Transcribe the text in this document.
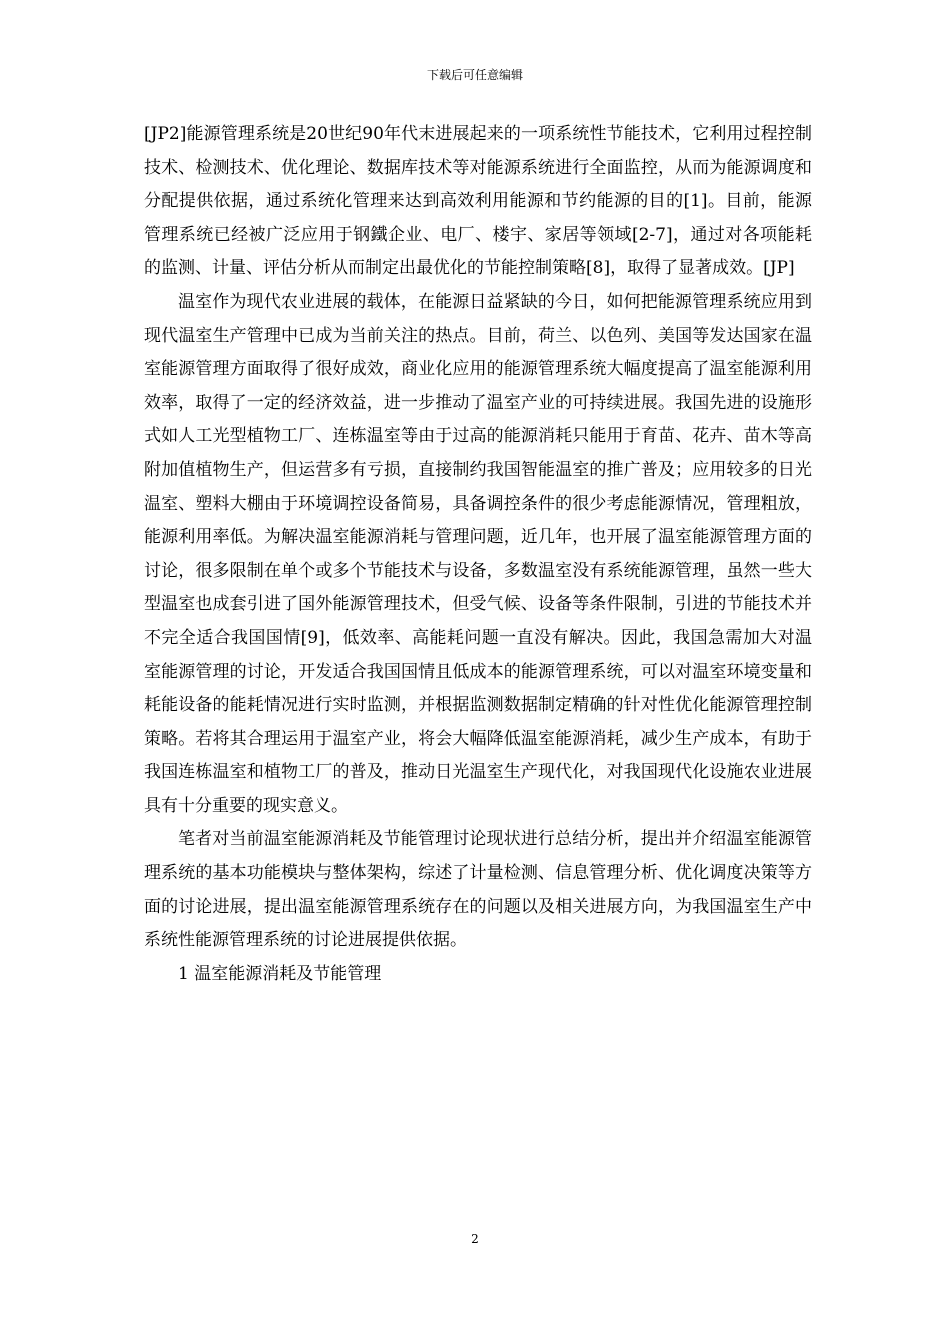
下载后可任意编辑

[JP2]能源管理系统是20世纪90年代末进展起来的一项系统性节能技术，它利用过程控制技术、检测技术、优化理论、数据库技术等对能源系统进行全面监控，从而为能源调度和分配提供依据，通过系统化管理来达到高效利用能源和节约能源的目的[1]。目前，能源管理系统已经被广泛应用于钢鐵企业、电厂、楼宇、家居等领域[2-7]，通过对各项能耗的监测、计量、评估分析从而制定出最优化的节能控制策略[8]，取得了显著成效。[JP]

温室作为现代农业进展的载体，在能源日益紧缺的今日，如何把能源管理系统应用到现代温室生产管理中已成为当前关注的热点。目前，荷兰、以色列、美国等发达国家在温室能源管理方面取得了很好成效，商业化应用的能源管理系统大幅度提高了温室能源利用效率，取得了一定的经济效益，进一步推动了温室产业的可持续进展。我国先进的设施形式如人工光型植物工厂、连栋温室等由于过高的能源消耗只能用于育苗、花卉、苗木等高附加值植物生产，但运营多有亏损，直接制约我国智能温室的推广普及；应用较多的日光温室、塑料大棚由于环境调控设备简易，具备调控条件的很少考虑能源情况，管理粗放，能源利用率低。为解决温室能源消耗与管理问题，近几年，也开展了温室能源管理方面的讨论，很多限制在单个或多个节能技术与设备，多数温室没有系统能源管理，虽然一些大型温室也成套引进了国外能源管理技术，但受气候、设备等条件限制，引进的节能技术并不完全适合我国国情[9]，低效率、高能耗问题一直没有解决。因此，我国急需加大对温室能源管理的讨论，开发适合我国国情且低成本的能源管理系统，可以对温室环境变量和耗能设备的能耗情况进行实时监测，并根据监测数据制定精确的针对性优化能源管理控制策略。若将其合理运用于温室产业，将会大幅降低温室能源消耗，减少生产成本，有助于我国连栋温室和植物工厂的普及，推动日光温室生产现代化，对我国现代化设施农业进展具有十分重要的现实意义。

笔者对当前温室能源消耗及节能管理讨论现状进行总结分析，提出并介绍温室能源管理系统的基本功能模块与整体架构，综述了计量检测、信息管理分析、优化调度决策等方面的讨论进展，提出温室能源管理系统存在的问题以及相关进展方向，为我国温室生产中系统性能源管理系统的讨论进展提供依据。

1 温室能源消耗及节能管理

2
